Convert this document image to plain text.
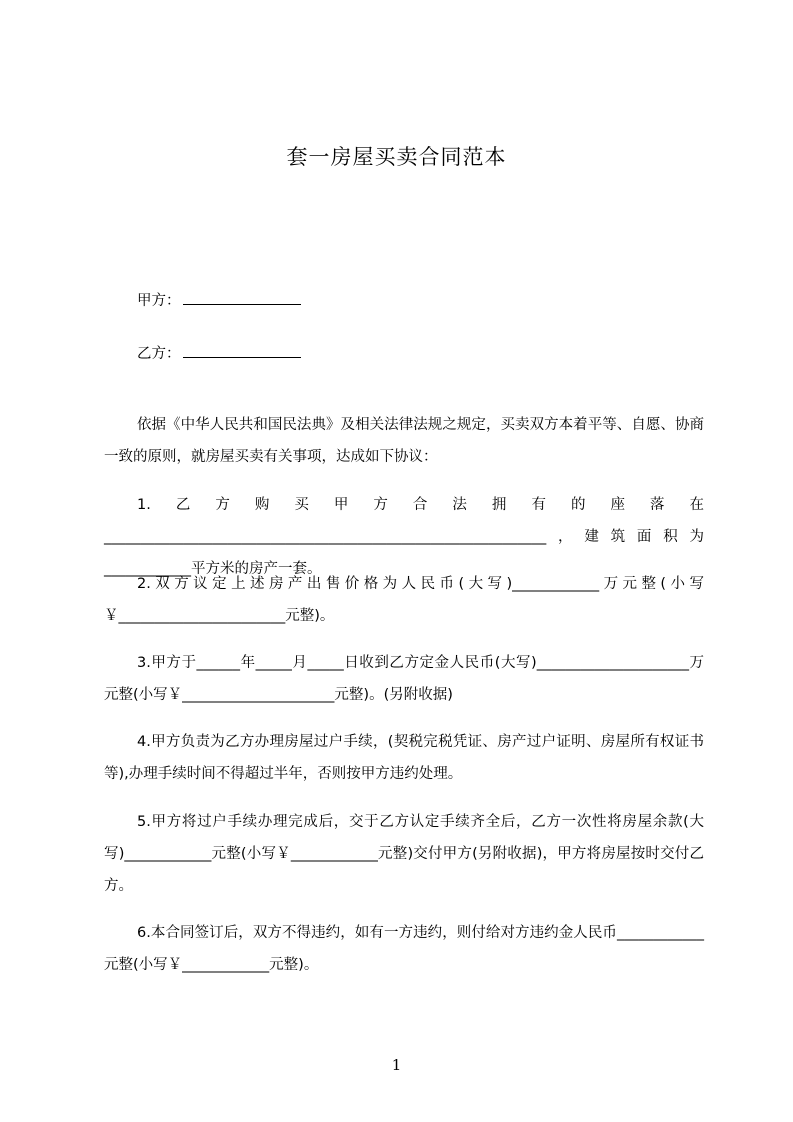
套一房屋买卖合同范本
甲方：
乙方：

依据《中华人民共和国民法典》及相关法律法规之规定，买卖双方本着平等、自愿、协商一致的原则，就房屋买卖有关事项，达成如下协议：

1.乙方购买甲方合法拥有的座落在_____________________________________________________________，建筑面积为____________平方米的房产一套。

2.双方议定上述房产出售价格为人民币(大写)____________万元整(小写￥_______________________元整)。

3.甲方于______年_____月_____日收到乙方定金人民币(大写)_____________________万元整(小写￥_____________________元整)。(另附收据)

4.甲方负责为乙方办理房屋过户手续，(契税完税凭证、房产过户证明、房屋所有权证书等),办理手续时间不得超过半年，否则按甲方违约处理。

5.甲方将过户手续办理完成后，交于乙方认定手续齐全后，乙方一次性将房屋余款(大写)____________元整(小写￥____________元整)交付甲方(另附收据)，甲方将房屋按时交付乙方。

6.本合同签订后，双方不得违约，如有一方违约，则付给对方违约金人民币____________元整(小写￥____________元整)。

1
